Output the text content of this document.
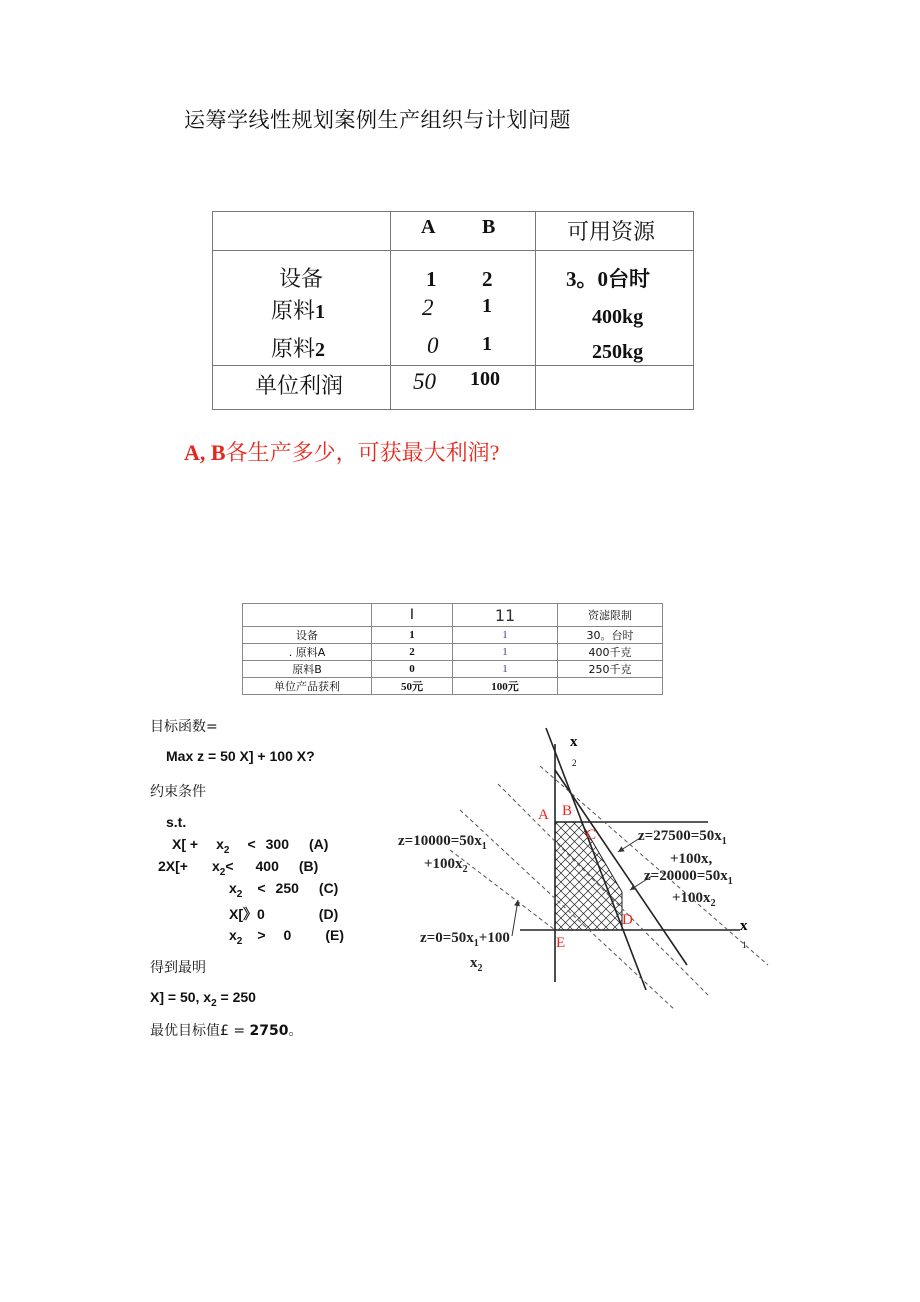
运筹学线性规划案例生产组织与计划问题
A B	可用资源
设备	1 2	3。0台时
原料1	2 1	400kg
原料2	0 1	250kg
单位利润	50 100
A, B各生产多少，可获最大利润?
	I	11	资滤限制
设备	1	1	30。台时
. 原料A	2	1	400千克
原料B	0	1	250千克
单位产品获利	50元	100元	
目标函数=
Max z = 50 X] + 100 X?
约束条件
s.t.
$X[ + x_2 < 300$ (A)
$2X[+ x_2< 400$ (B)
$x_2 < 250$ (C)
X[》0	(D)
$x_2 > 0$ (E)
得到最明
X] = 50, $x_2 = 250$
最优目标值£ = 2750。
x
2
x
1
A B
C
D
E
$z=10000=50x_1$
$+100x_2$
$z=27500=50x_1$
+100x,
$z=20000=50x_1$
$+100x_2$
$z=0=50x_1+100$
$x_2$
